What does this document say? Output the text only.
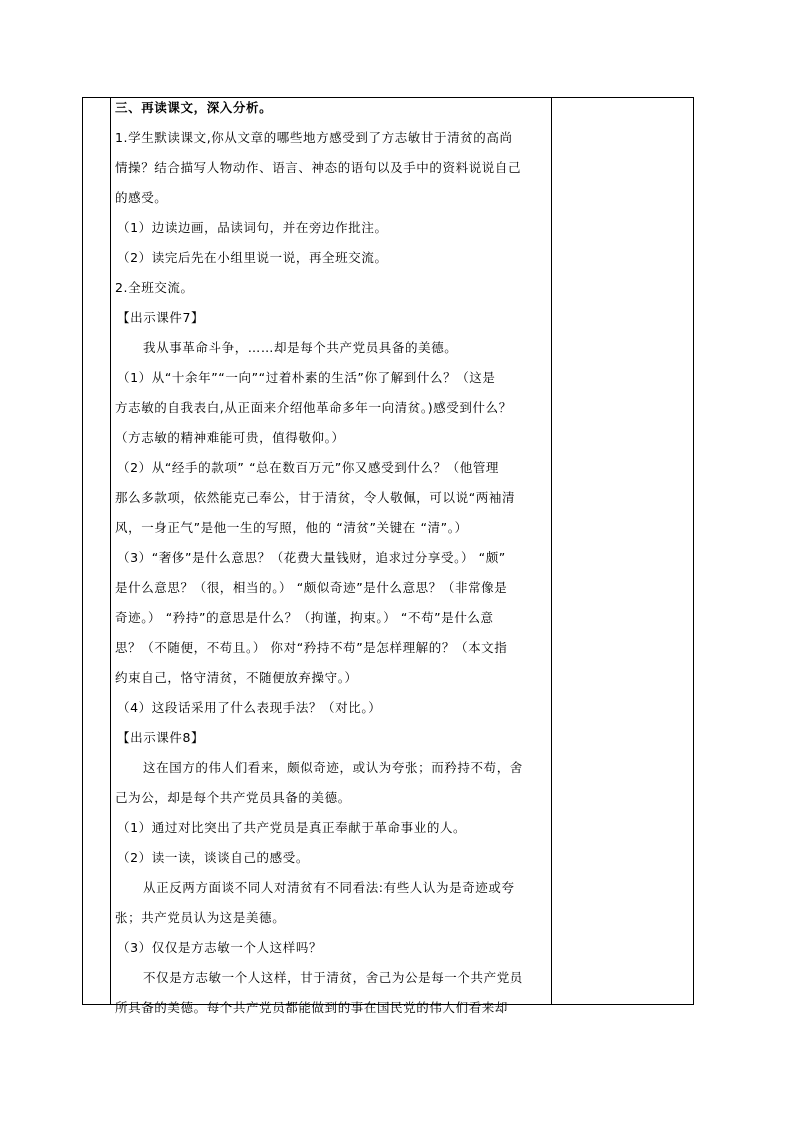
三、再读课文，深入分析。
1.学生默读课文,你从文章的哪些地方感受到了方志敏甘于清贫的高尚
情操？结合描写人物动作、语言、神态的语句以及手中的资料说说自己
的感受。
（1）边读边画，品读词句，并在旁边作批注。
（2）读完后先在小组里说一说，再全班交流。
2.全班交流。
【出示课件7】
我从事革命斗争，……却是每个共产党员具备的美德。
（1）从“十余年”“一向”“过着朴素的生活”你了解到什么？（这是
方志敏的自我表白,从正面来介绍他革命多年一向清贫。)感受到什么？
（方志敏的精神难能可贵，值得敬仰。）
（2）从“经手的款项” “总在数百万元”你又感受到什么？（他管理
那么多款项，依然能克己奉公，甘于清贫，令人敬佩，可以说“两袖清
风，一身正气”是他一生的写照，他的 “清贫”关键在 “清”。）
（3）“奢侈”是什么意思？（花费大量钱财，追求过分享受。） “颇”
是什么意思？（很，相当的。） “颇似奇迹”是什么意思？（非常像是
奇迹。） “矜持”的意思是什么？（拘谨，拘束。） “不苟”是什么意
思？（不随便，不苟且。） 你对“矜持不苟”是怎样理解的？（本文指
约束自己，恪守清贫，不随便放弃操守。）
（4）这段话采用了什么表现手法？（对比。）
【出示课件8】
这在国方的伟人们看来，颇似奇迹，或认为夸张；而矜持不苟，舍
己为公，却是每个共产党员具备的美德。
（1）通过对比突出了共产党员是真正奉献于革命事业的人。
（2）读一读，谈谈自己的感受。
从正反两方面谈不同人对清贫有不同看法:有些人认为是奇迹或夸
张；共产党员认为这是美德。
（3）仅仅是方志敏一个人这样吗？
不仅是方志敏一个人这样，甘于清贫，舍己为公是每一个共产党员
所具备的美德。每个共产党员都能做到的事在国民党的伟人们看来却
